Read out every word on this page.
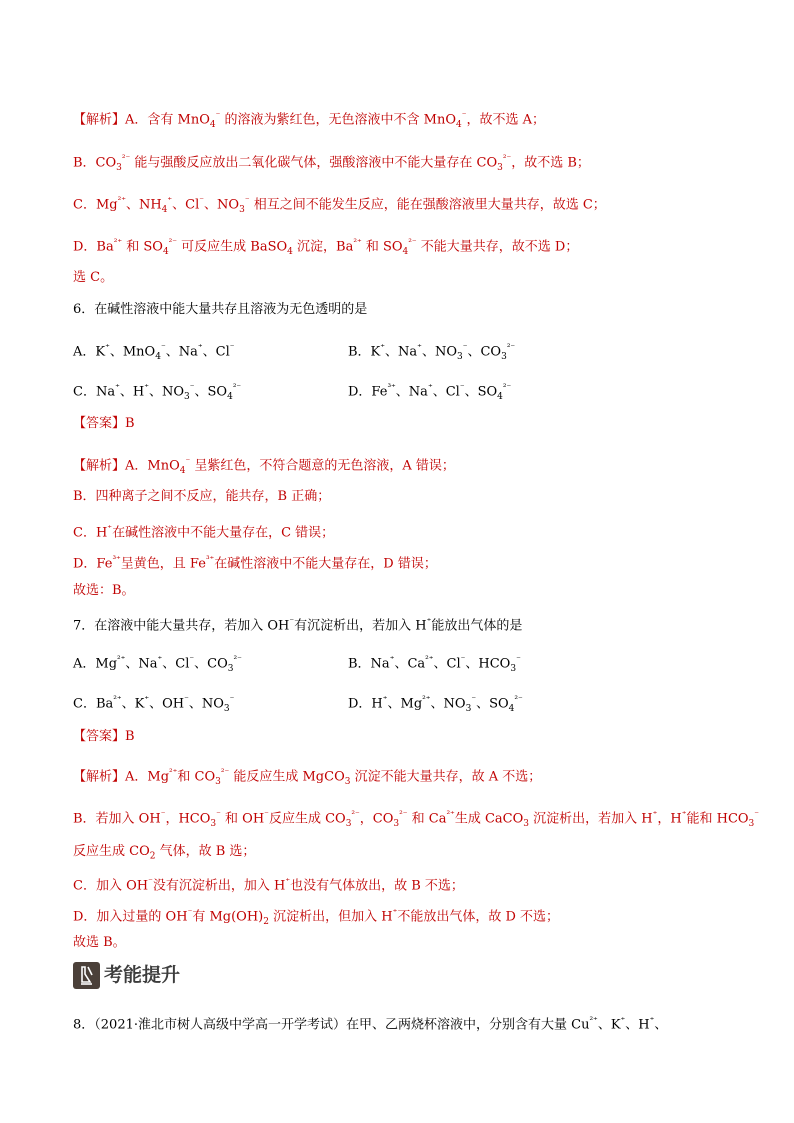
【解析】A．含有 MnO$_4$⁻ 的溶液为紫红色，无色溶液中不含 MnO$_4$⁻，故不选 A；
B．$CO_3^{^{2-}}$ 能与强酸反应放出二氧化碳气体，强酸溶液中不能大量存在 $CO_3^{^{2-}}$，故不选 B；
C．$Mg^{^{2+}}$、$NH_4^{^+}$、Cl⁻、$NO_3^{^-}$ 相互之间不能发生反应，能在强酸溶液里大量共存，故选 C；
D．$Ba^{^{2+}}$ 和 $SO_4^{^{2-}}$ 可反应生成 BaSO$_4$ 沉淀，$Ba^{^{2+}}$ 和 $SO_4^{^{2-}}$ 不能大量共存，故不选 D；
选 C。
6．在碱性溶液中能大量共存且溶液为无色透明的是
【答案】B
【解析】A．MnO$_4$⁻ 呈紫红色，不符合题意的无色溶液，A 错误；
B．四种离子之间不反应，能共存，B 正确；
C．H⁺在碱性溶液中不能大量存在，C 错误；
D．$Fe^{^{3+}}$呈黄色，且 $Fe^{^{3+}}$在碱性溶液中不能大量存在，D 错误；
故选：B。
7．在溶液中能大量共存，若加入 OH⁻有沉淀析出，若加入 H⁺能放出气体的是
【答案】B
【解析】A．$Mg^{^{2+}}$和 $CO_3^{^{2-}}$ 能反应生成 MgCO$_3$ 沉淀不能大量共存，故 A 不选；
B．若加入 OH⁻，$HCO_3^{^-}$ 和 OH⁻反应生成 $CO_3^{^{2-}}$，$CO_3^{^{2-}}$ 和 $Ca^{^{2+}}$生成 CaCO$_3$ 沉淀析出，若加入 H⁺，H⁺能和 $HCO_3^{^-}$
反应生成 $CO_2$ 气体，故 B 选；
C．加入 OH⁻没有沉淀析出，加入 H⁺也没有气体放出，故 B 不选；
D．加入过量的 OH⁻有 $Mg(OH)_2$ 沉淀析出，但加入 H⁺不能放出气体，故 D 不选；
故选 B。
8．（2021·淮北市树人高级中学高一开学考试）在甲、乙两烧杯溶液中，分别含有大量 $Cu^{^{2+}}$、K⁺、H⁺、
A．K⁺、MnO$_4$⁻、Na⁺、Cl⁻	B．K⁺、Na⁺、$NO_3^{^-}$、$CO_3^{^{2-}}$
C．Na⁺、H⁺、$NO_3^{^-}$、$SO_4^{^{2-}}$	D．$Fe^{^{3+}}$、Na⁺、Cl⁻、$SO_4^{^{2-}}$
A．$Mg^{^{2+}}$、Na⁺、Cl⁻、$CO_3^{^{2-}}$	B．Na⁺、$Ca^{^{2+}}$、Cl⁻、$HCO_3^{^-}$
C．$Ba^{^{2+}}$、K⁺、OH⁻、$NO_3^{^-}$	D．H⁺、$Mg^{^{2+}}$、$NO_3^{^-}$、$SO_4^{^{2-}}$
考能提升
